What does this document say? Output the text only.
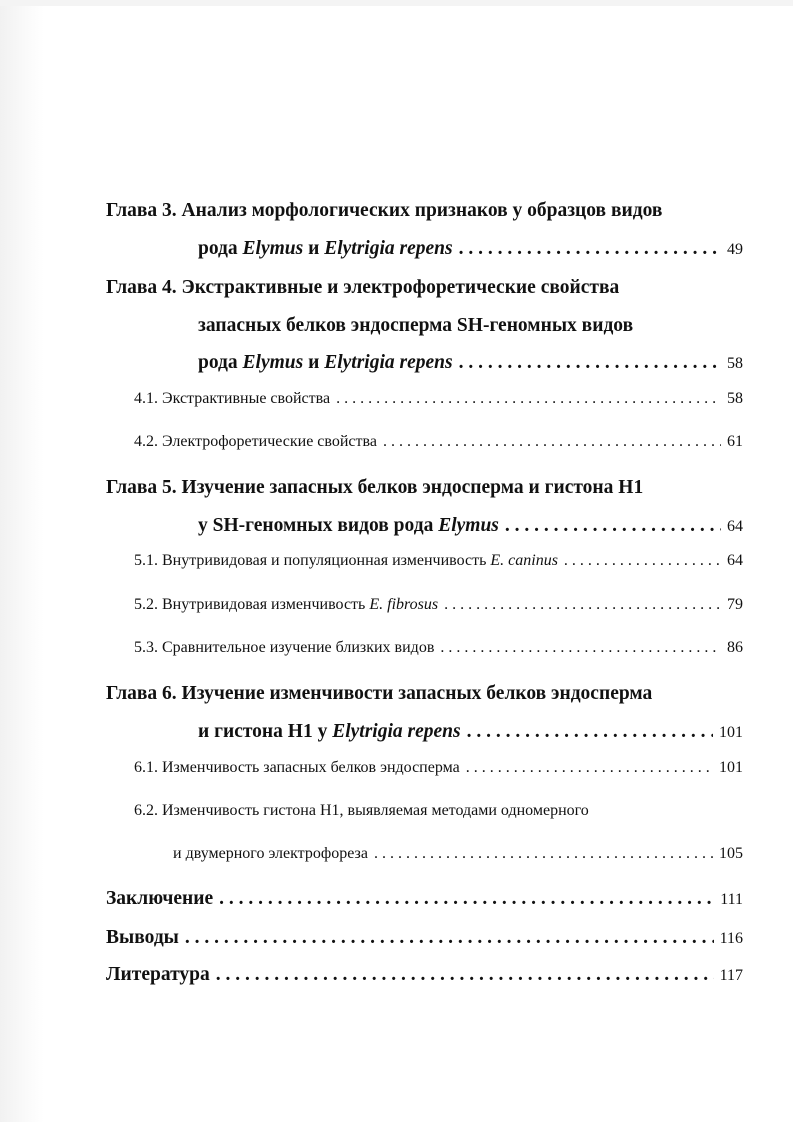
Глава 3. Анализ морфологических признаков у образцов видов
рода Elymus и Elytrigia repens . . .	49
Глава 4. Экстрактивные и электрофоретические свойства
запасных белков эндосперма SH-геномных видов
рода Elymus и Elytrigia repens . . .	58
4.1. Экстрактивные свойства . . .	58
4.2. Электрофоретические свойства . . .	61
Глава 5. Изучение запасных белков эндосперма и гистона Н1
у SH-геномных видов рода Elymus . . .	64
5.1. Внутривидовая и популяционная изменчивость E. caninus . . .	64
5.2. Внутривидовая изменчивость E. fibrosus . . .	79
5.3. Сравнительное изучение близких видов . . .	86
Глава 6. Изучение изменчивости запасных белков эндосперма
и гистона Н1 у Elytrigia repens . . .	101
6.1. Изменчивость запасных белков эндосперма . . .	101
6.2. Изменчивость гистона Н1, выявляемая методами одномерного
и двумерного электрофореза . . .	105
Заключение . . .	111
Выводы . . .	116
Литература . . .	117
